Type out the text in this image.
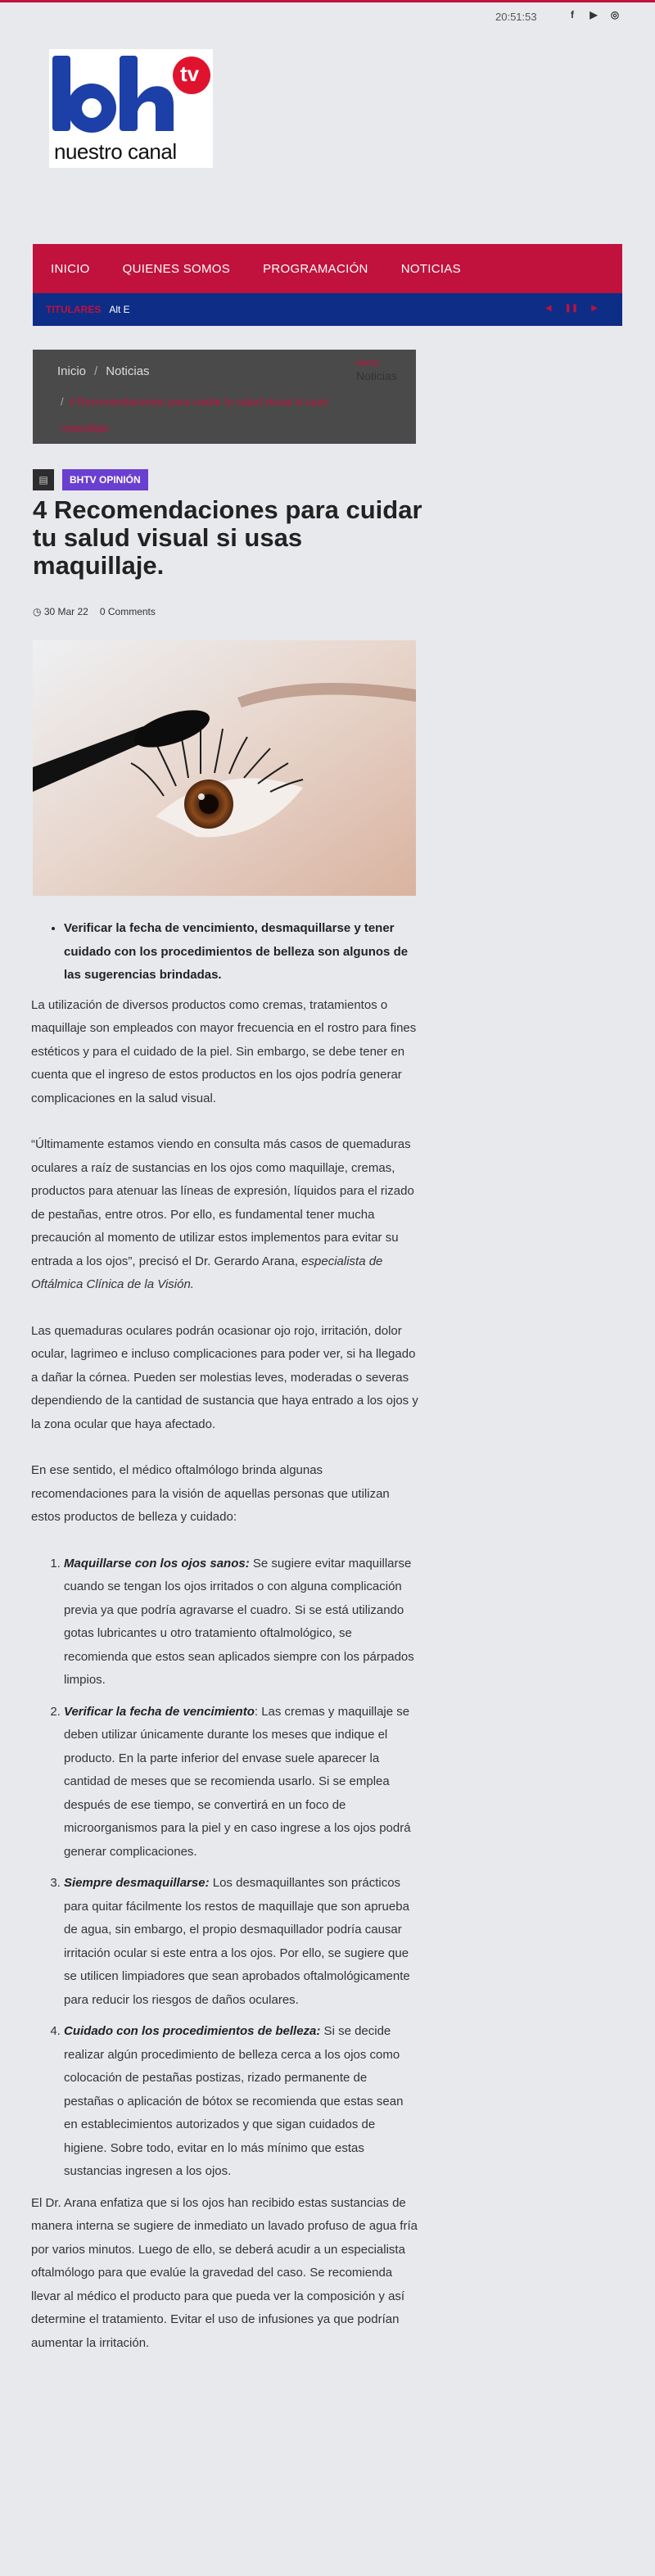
20:51:53	f	▶ ◎
tv
nuestro canal
INICIO	QUIENES SOMOS	PROGRAMACIÓN	NOTICIAS
TITULARES Alt E	◀ ❚❚ ▶
Inicio / Noticias
/ 4 Recomendaciones para cuidar tu salud visual si usas maquillaje.
Inicio
Noticias
▤	BHTV OPINIÓN
4 Recomendaciones para cuidar tu salud visual si usas maquillaje.
◷ 30 Mar 22 0 Comments
• Verificar la fecha de vencimiento, desmaquillarse y tener cuidado con los procedimientos de belleza son algunos de las sugerencias brindadas.

La utilización de diversos productos como cremas, tratamientos o maquillaje son empleados con mayor frecuencia en el rostro para fines estéticos y para el cuidado de la piel. Sin embargo, se debe tener en cuenta que el ingreso de estos productos en los ojos podría generar complicaciones en la salud visual.

“Últimamente estamos viendo en consulta más casos de quemaduras oculares a raíz de sustancias en los ojos como maquillaje, cremas, productos para atenuar las líneas de expresión, líquidos para el rizado de pestañas, entre otros. Por ello, es fundamental tener mucha precaución al momento de utilizar estos implementos para evitar su entrada a los ojos”, precisó el Dr. Gerardo Arana, especialista de Oftálmica Clínica de la Visión.

Las quemaduras oculares podrán ocasionar ojo rojo, irritación, dolor ocular, lagrimeo e incluso complicaciones para poder ver, si ha llegado a dañar la córnea. Pueden ser molestias leves, moderadas o severas dependiendo de la cantidad de sustancia que haya entrado a los ojos y la zona ocular que haya afectado.

En ese sentido, el médico oftalmólogo brinda algunas recomendaciones para la visión de aquellas personas que utilizan estos productos de belleza y cuidado:

1. Maquillarse con los ojos sanos: Se sugiere evitar maquillarse cuando se tengan los ojos irritados o con alguna complicación previa ya que podría agravarse el cuadro. Si se está utilizando gotas lubricantes u otro tratamiento oftalmológico, se recomienda que estos sean aplicados siempre con los párpados limpios.
2. Verificar la fecha de vencimiento: Las cremas y maquillaje se deben utilizar únicamente durante los meses que indique el producto. En la parte inferior del envase suele aparecer la cantidad de meses que se recomienda usarlo. Si se emplea después de ese tiempo, se convertirá en un foco de microorganismos para la piel y en caso ingrese a los ojos podrá generar complicaciones.
3. Siempre desmaquillarse: Los desmaquillantes son prácticos para quitar fácilmente los restos de maquillaje que son aprueba de agua, sin embargo, el propio desmaquillador podría causar irritación ocular si este entra a los ojos. Por ello, se sugiere que se utilicen limpiadores que sean aprobados oftalmológicamente para reducir los riesgos de daños oculares.
4. Cuidado con los procedimientos de belleza: Si se decide realizar algún procedimiento de belleza cerca a los ojos como colocación de pestañas postizas, rizado permanente de pestañas o aplicación de bótox se recomienda que estas sean en establecimientos autorizados y que sigan cuidados de higiene. Sobre todo, evitar en lo más mínimo que estas sustancias ingresen a los ojos.

El Dr. Arana enfatiza que si los ojos han recibido estas sustancias de manera interna se sugiere de inmediato un lavado profuso de agua fría por varios minutos. Luego de ello, se deberá acudir a un especialista oftalmólogo para que evalúe la gravedad del caso. Se recomienda llevar al médico el producto para que pueda ver la composición y así determine el tratamiento. Evitar el uso de infusiones ya que podrían aumentar la irritación.
